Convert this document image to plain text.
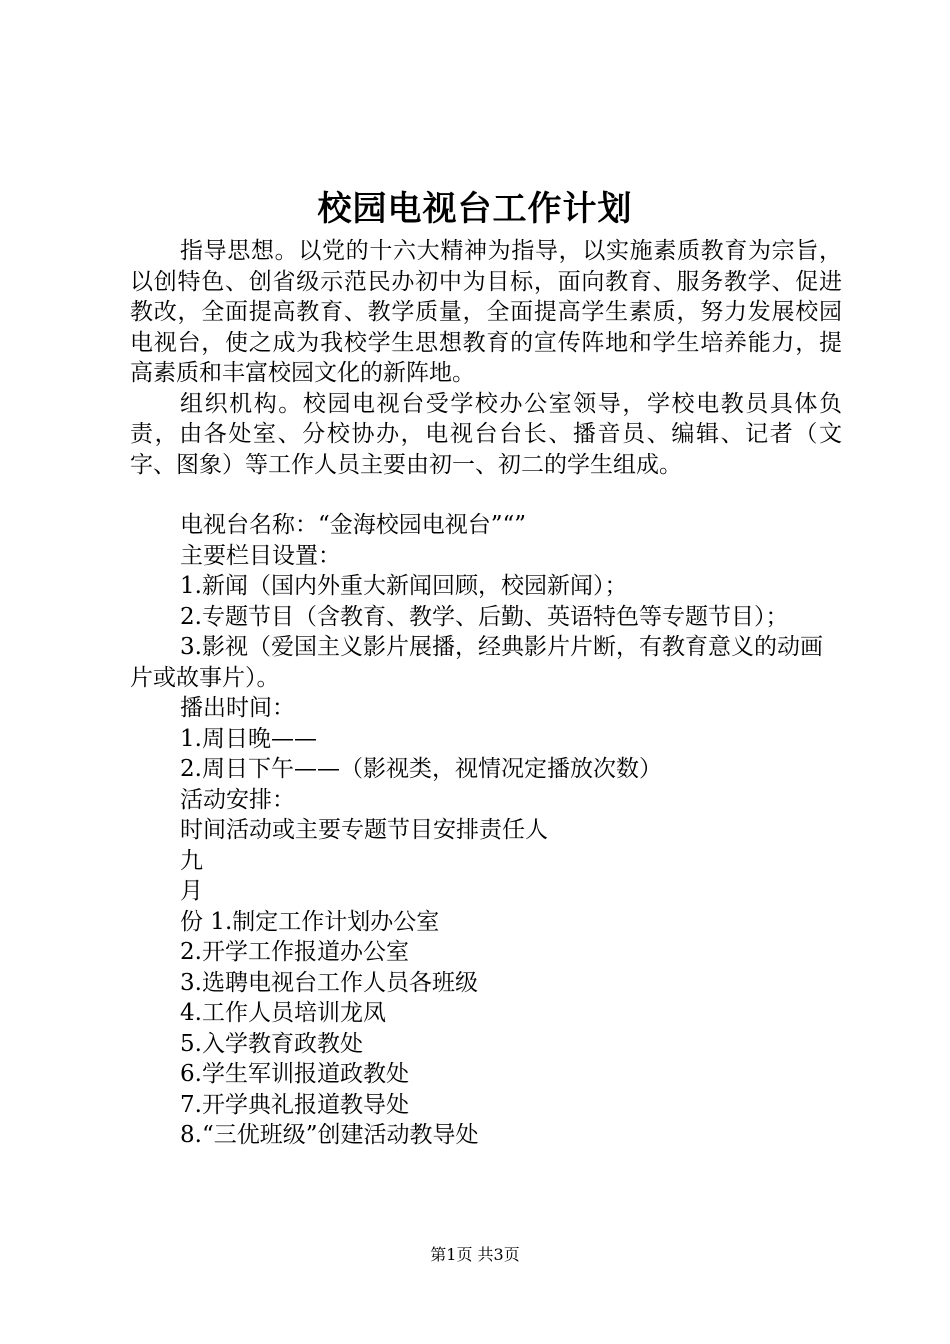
校园电视台工作计划

指导思想。以党的十六大精神为指导，以实施素质教育为宗旨，以创特色、创省级示范民办初中为目标，面向教育、服务教学、促进教改，全面提高教育、教学质量，全面提高学生素质，努力发展校园电视台，使之成为我校学生思想教育的宣传阵地和学生培养能力，提高素质和丰富校园文化的新阵地。

组织机构。校园电视台受学校办公室领导，学校电教员具体负责，由各处室、分校协办，电视台台长、播音员、编辑、记者（文字、图象）等工作人员主要由初一、初二的学生组成。

电视台名称：“金海校园电视台”“”

主要栏目设置：

1.新闻（国内外重大新闻回顾，校园新闻）；

2.专题节目（含教育、教学、后勤、英语特色等专题节目）；

3.影视（爱国主义影片展播，经典影片片断，有教育意义的动画片或故事片）。

播出时间：

1.周日晚——

2.周日下午——（影视类，视情况定播放次数）

活动安排：

时间活动或主要专题节目安排责任人

九

月

份 1.制定工作计划办公室

2.开学工作报道办公室

3.选聘电视台工作人员各班级

4.工作人员培训龙凤

5.入学教育政教处

6.学生军训报道政教处

7.开学典礼报道教导处

8.“三优班级”创建活动教导处

第1页 共3页
